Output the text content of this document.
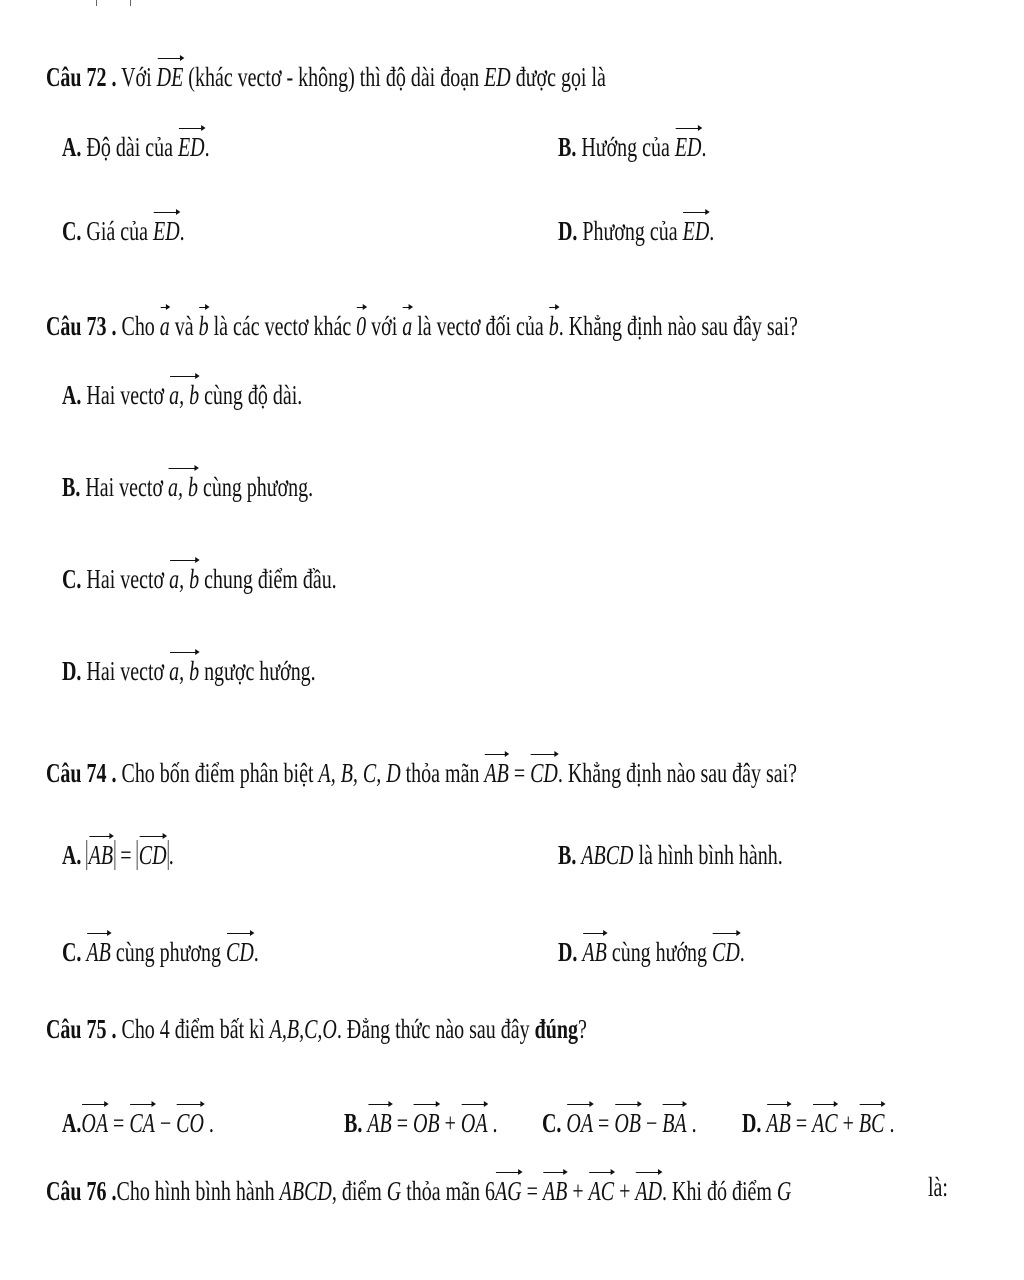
Câu 72 . Với DE (khác vectơ - không) thì độ dài đoạn ED được gọi là
A. Độ dài của ED.	B. Hướng của ED.
C. Giá của ED.	D. Phương của ED.
Câu 73 . Cho a và b là các vectơ khác 0 với a là vectơ đối của b. Khẳng định nào sau đây sai?
A. Hai vectơ a, b cùng độ dài.
B. Hai vectơ a, b cùng phương.
C. Hai vectơ a, b chung điểm đầu.
D. Hai vectơ a, b ngược hướng.
Câu 74 . Cho bốn điểm phân biệt A, B, C, D thỏa mãn AB = CD. Khẳng định nào sau đây sai?
A. AB = CD.	B. ABCD là hình bình hành.
C. AB cùng phương CD.	D. AB cùng hướng CD.
Câu 75 . Cho 4 điểm bất kì A,B,C,O. Đẳng thức nào sau đây đúng?
A.OA = CA − CO .	B. AB = OB + OA . C. OA = OB − BA . D. AB = AC + BC .
Câu 76 .Cho hình bình hành ABCD, điểm G thỏa mãn 6AG = AB + AC + AD. Khi đó điểm G	là:
